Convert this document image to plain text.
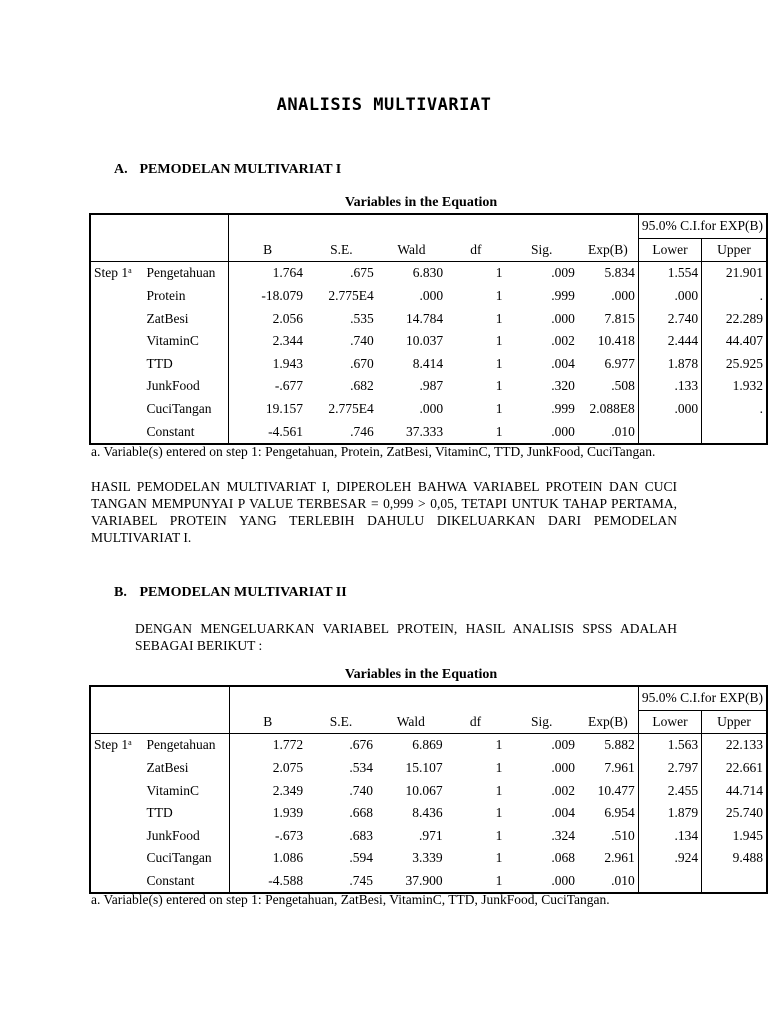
ANALISIS MULTIVARIAT
A. PEMODELAN MULTIVARIAT I
Variables in the Equation
								95.0% C.I.for EXP(B)	
		B	S.E.	Wald	df	Sig.	Exp(B)	Lower	Upper
Step 1$^a$	Pengetahuan	1.764	.675	6.830	1	.009	5.834	1.554	21.901
	Protein	-18.079	2.775E4	.000	1	.999	.000	.000	.
	ZatBesi	2.056	.535	14.784	1	.000	7.815	2.740	22.289
	VitaminC	2.344	.740	10.037	1	.002	10.418	2.444	44.407
	TTD	1.943	.670	8.414	1	.004	6.977	1.878	25.925
	JunkFood	-.677	.682	.987	1	.320	.508	.133	1.932
	CuciTangan	19.157	2.775E4	.000	1	.999	2.088E8	.000	.
	Constant	-4.561	.746	37.333	1	.000	.010		
a. Variable(s) entered on step 1: Pengetahuan, Protein, ZatBesi, VitaminC, TTD, JunkFood, CuciTangan.
HASIL PEMODELAN MULTIVARIAT I, DIPEROLEH BAHWA VARIABEL PROTEIN DAN CUCI TANGAN MEMPUNYAI P VALUE TERBESAR = 0,999 > 0,05, TETAPI UNTUK TAHAP PERTAMA, VARIABEL PROTEIN YANG TERLEBIH DAHULU DIKELUARKAN DARI PEMODELAN MULTIVARIAT I.
B. PEMODELAN MULTIVARIAT II
DENGAN MENGELUARKAN VARIABEL PROTEIN, HASIL ANALISIS SPSS ADALAH SEBAGAI BERIKUT :
Variables in the Equation
								95.0% C.I.for EXP(B)	
		B	S.E.	Wald	df	Sig.	Exp(B)	Lower	Upper
Step 1$^a$	Pengetahuan	1.772	.676	6.869	1	.009	5.882	1.563	22.133
	ZatBesi	2.075	.534	15.107	1	.000	7.961	2.797	22.661
	VitaminC	2.349	.740	10.067	1	.002	10.477	2.455	44.714
	TTD	1.939	.668	8.436	1	.004	6.954	1.879	25.740
	JunkFood	-.673	.683	.971	1	.324	.510	.134	1.945
	CuciTangan	1.086	.594	3.339	1	.068	2.961	.924	9.488
	Constant	-4.588	.745	37.900	1	.000	.010		
a. Variable(s) entered on step 1: Pengetahuan, ZatBesi, VitaminC, TTD, JunkFood, CuciTangan.
